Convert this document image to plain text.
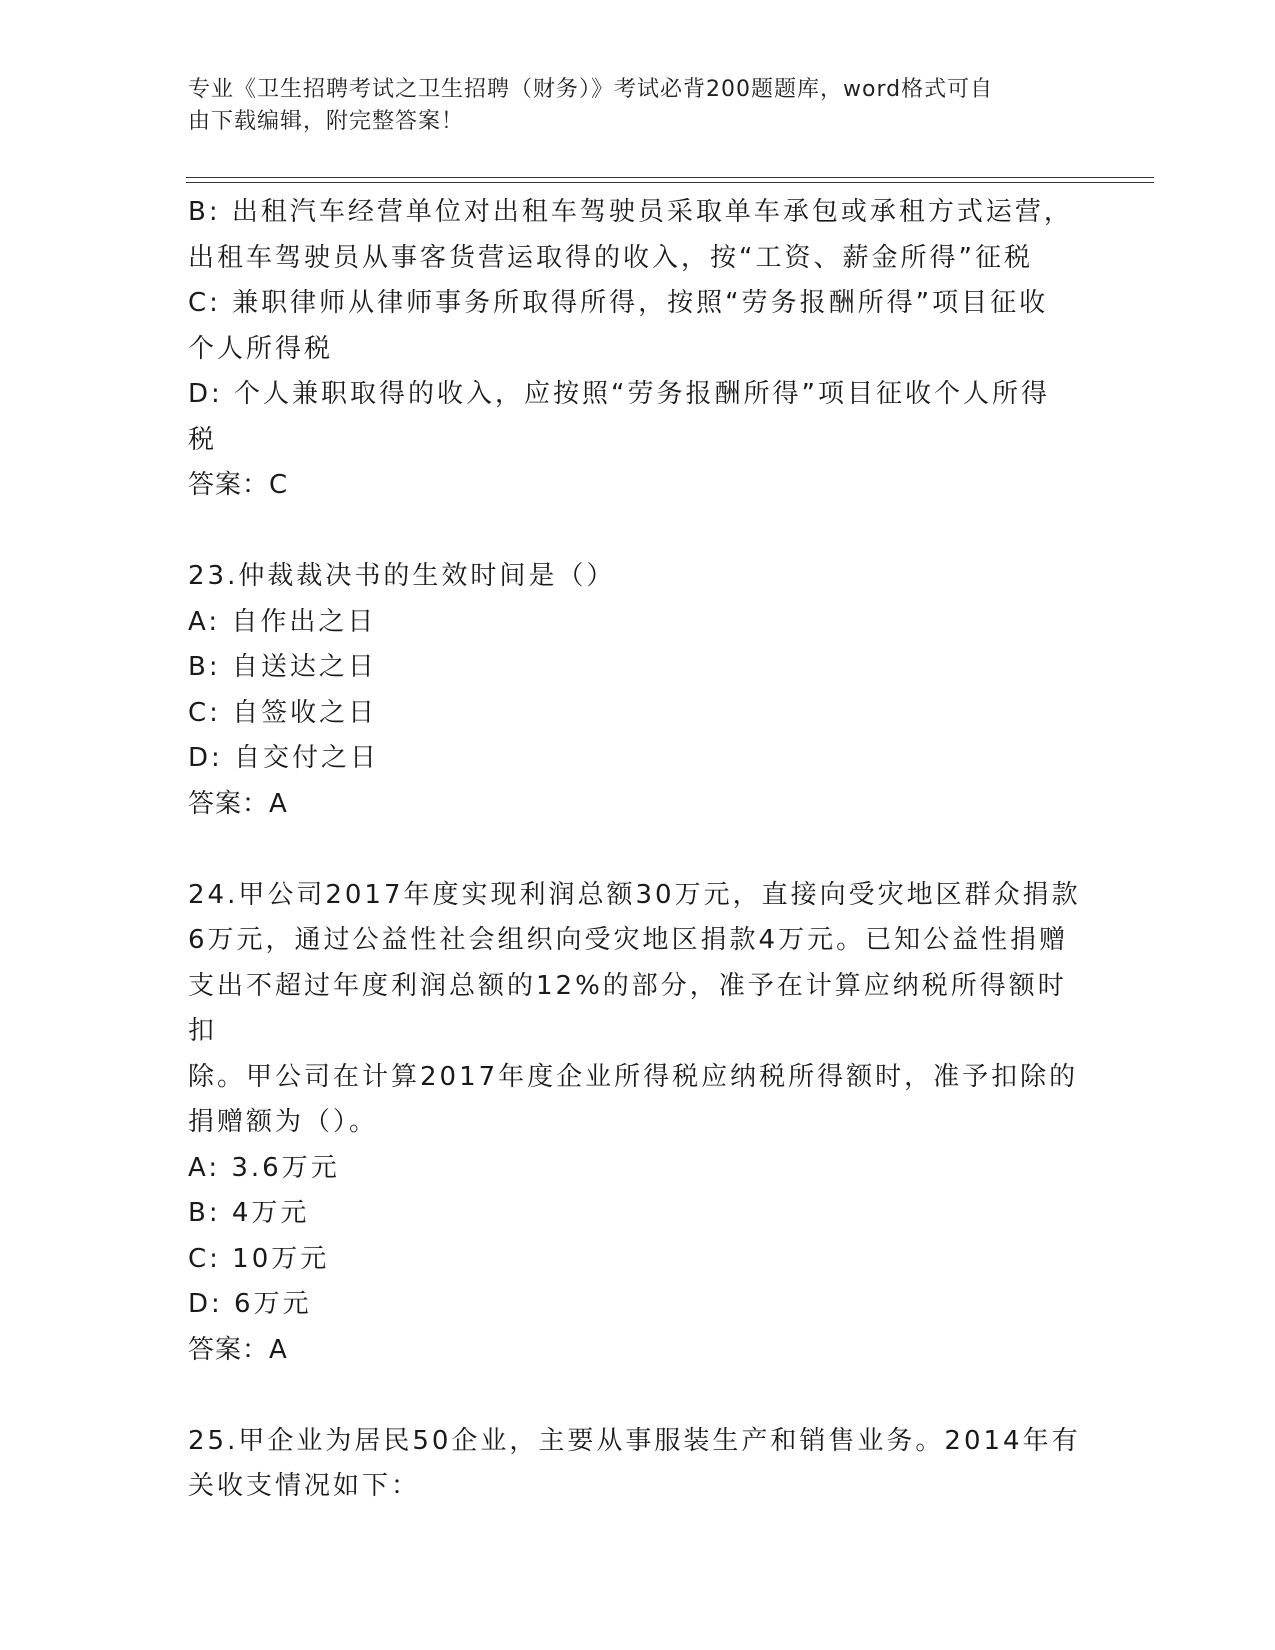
专业《卫生招聘考试之卫生招聘（财务）》考试必背200题题库，word格式可自
由下载编辑，附完整答案！

B: 出租汽车经营单位对出租车驾驶员采取单车承包或承租方式运营，

出租车驾驶员从事客货营运取得的收入，按“工资、薪金所得”征税

C: 兼职律师从律师事务所取得所得，按照“劳务报酬所得”项目征收

个人所得税

D: 个人兼职取得的收入，应按照“劳务报酬所得”项目征收个人所得

税

答案：C

23.仲裁裁决书的生效时间是（）

A: 自作出之日

B: 自送达之日

C: 自签收之日

D: 自交付之日

答案：A

24.甲公司2017年度实现利润总额30万元，直接向受灾地区群众捐款

6万元，通过公益性社会组织向受灾地区捐款4万元。已知公益性捐赠

支出不超过年度利润总额的12%的部分，准予在计算应纳税所得额时扣

除。甲公司在计算2017年度企业所得税应纳税所得额时，准予扣除的

捐赠额为（）。

A: 3.6万元

B: 4万元

C: 10万元

D: 6万元

答案：A

25.甲企业为居民50企业，主要从事服装生产和销售业务。2014年有

关收支情况如下：
